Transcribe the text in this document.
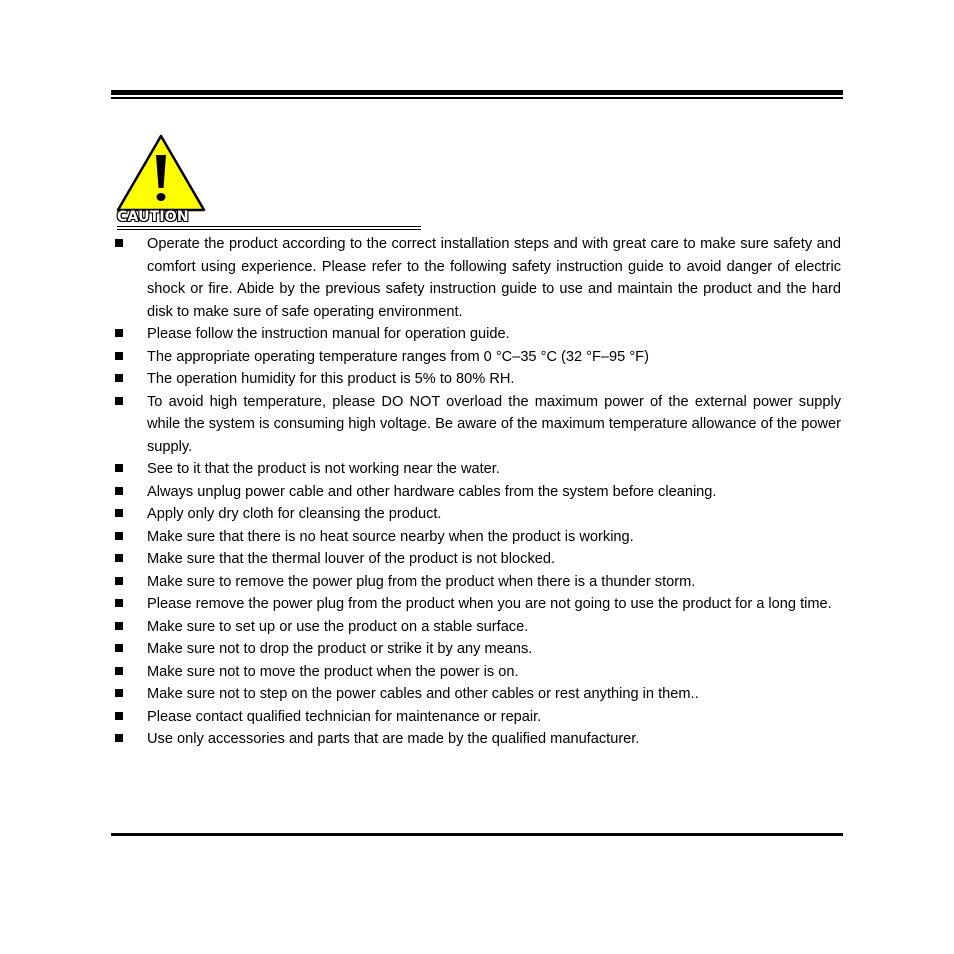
CAUTION
Operate the product according to the correct installation steps and with great care to make sure safety and comfort using experience. Please refer to the following safety instruction guide to avoid danger of electric shock or fire. Abide by the previous safety instruction guide to use and maintain the product and the hard disk to make sure of safe operating environment.
Please follow the instruction manual for operation guide.
The appropriate operating temperature ranges from 0 °C–35 °C (32 °F–95 °F)
The operation humidity for this product is 5% to 80% RH.
To avoid high temperature, please DO NOT overload the maximum power of the external power supply while the system is consuming high voltage. Be aware of the maximum temperature allowance of the power supply.
See to it that the product is not working near the water.
Always unplug power cable and other hardware cables from the system before cleaning.
Apply only dry cloth for cleansing the product.
Make sure that there is no heat source nearby when the product is working.
Make sure that the thermal louver of the product is not blocked.
Make sure to remove the power plug from the product when there is a thunder storm.
Please remove the power plug from the product when you are not going to use the product for a long time.
Make sure to set up or use the product on a stable surface.
Make sure not to drop the product or strike it by any means.
Make sure not to move the product when the power is on.
Make sure not to step on the power cables and other cables or rest anything in them..
Please contact qualified technician for maintenance or repair.
Use only accessories and parts that are made by the qualified manufacturer.
